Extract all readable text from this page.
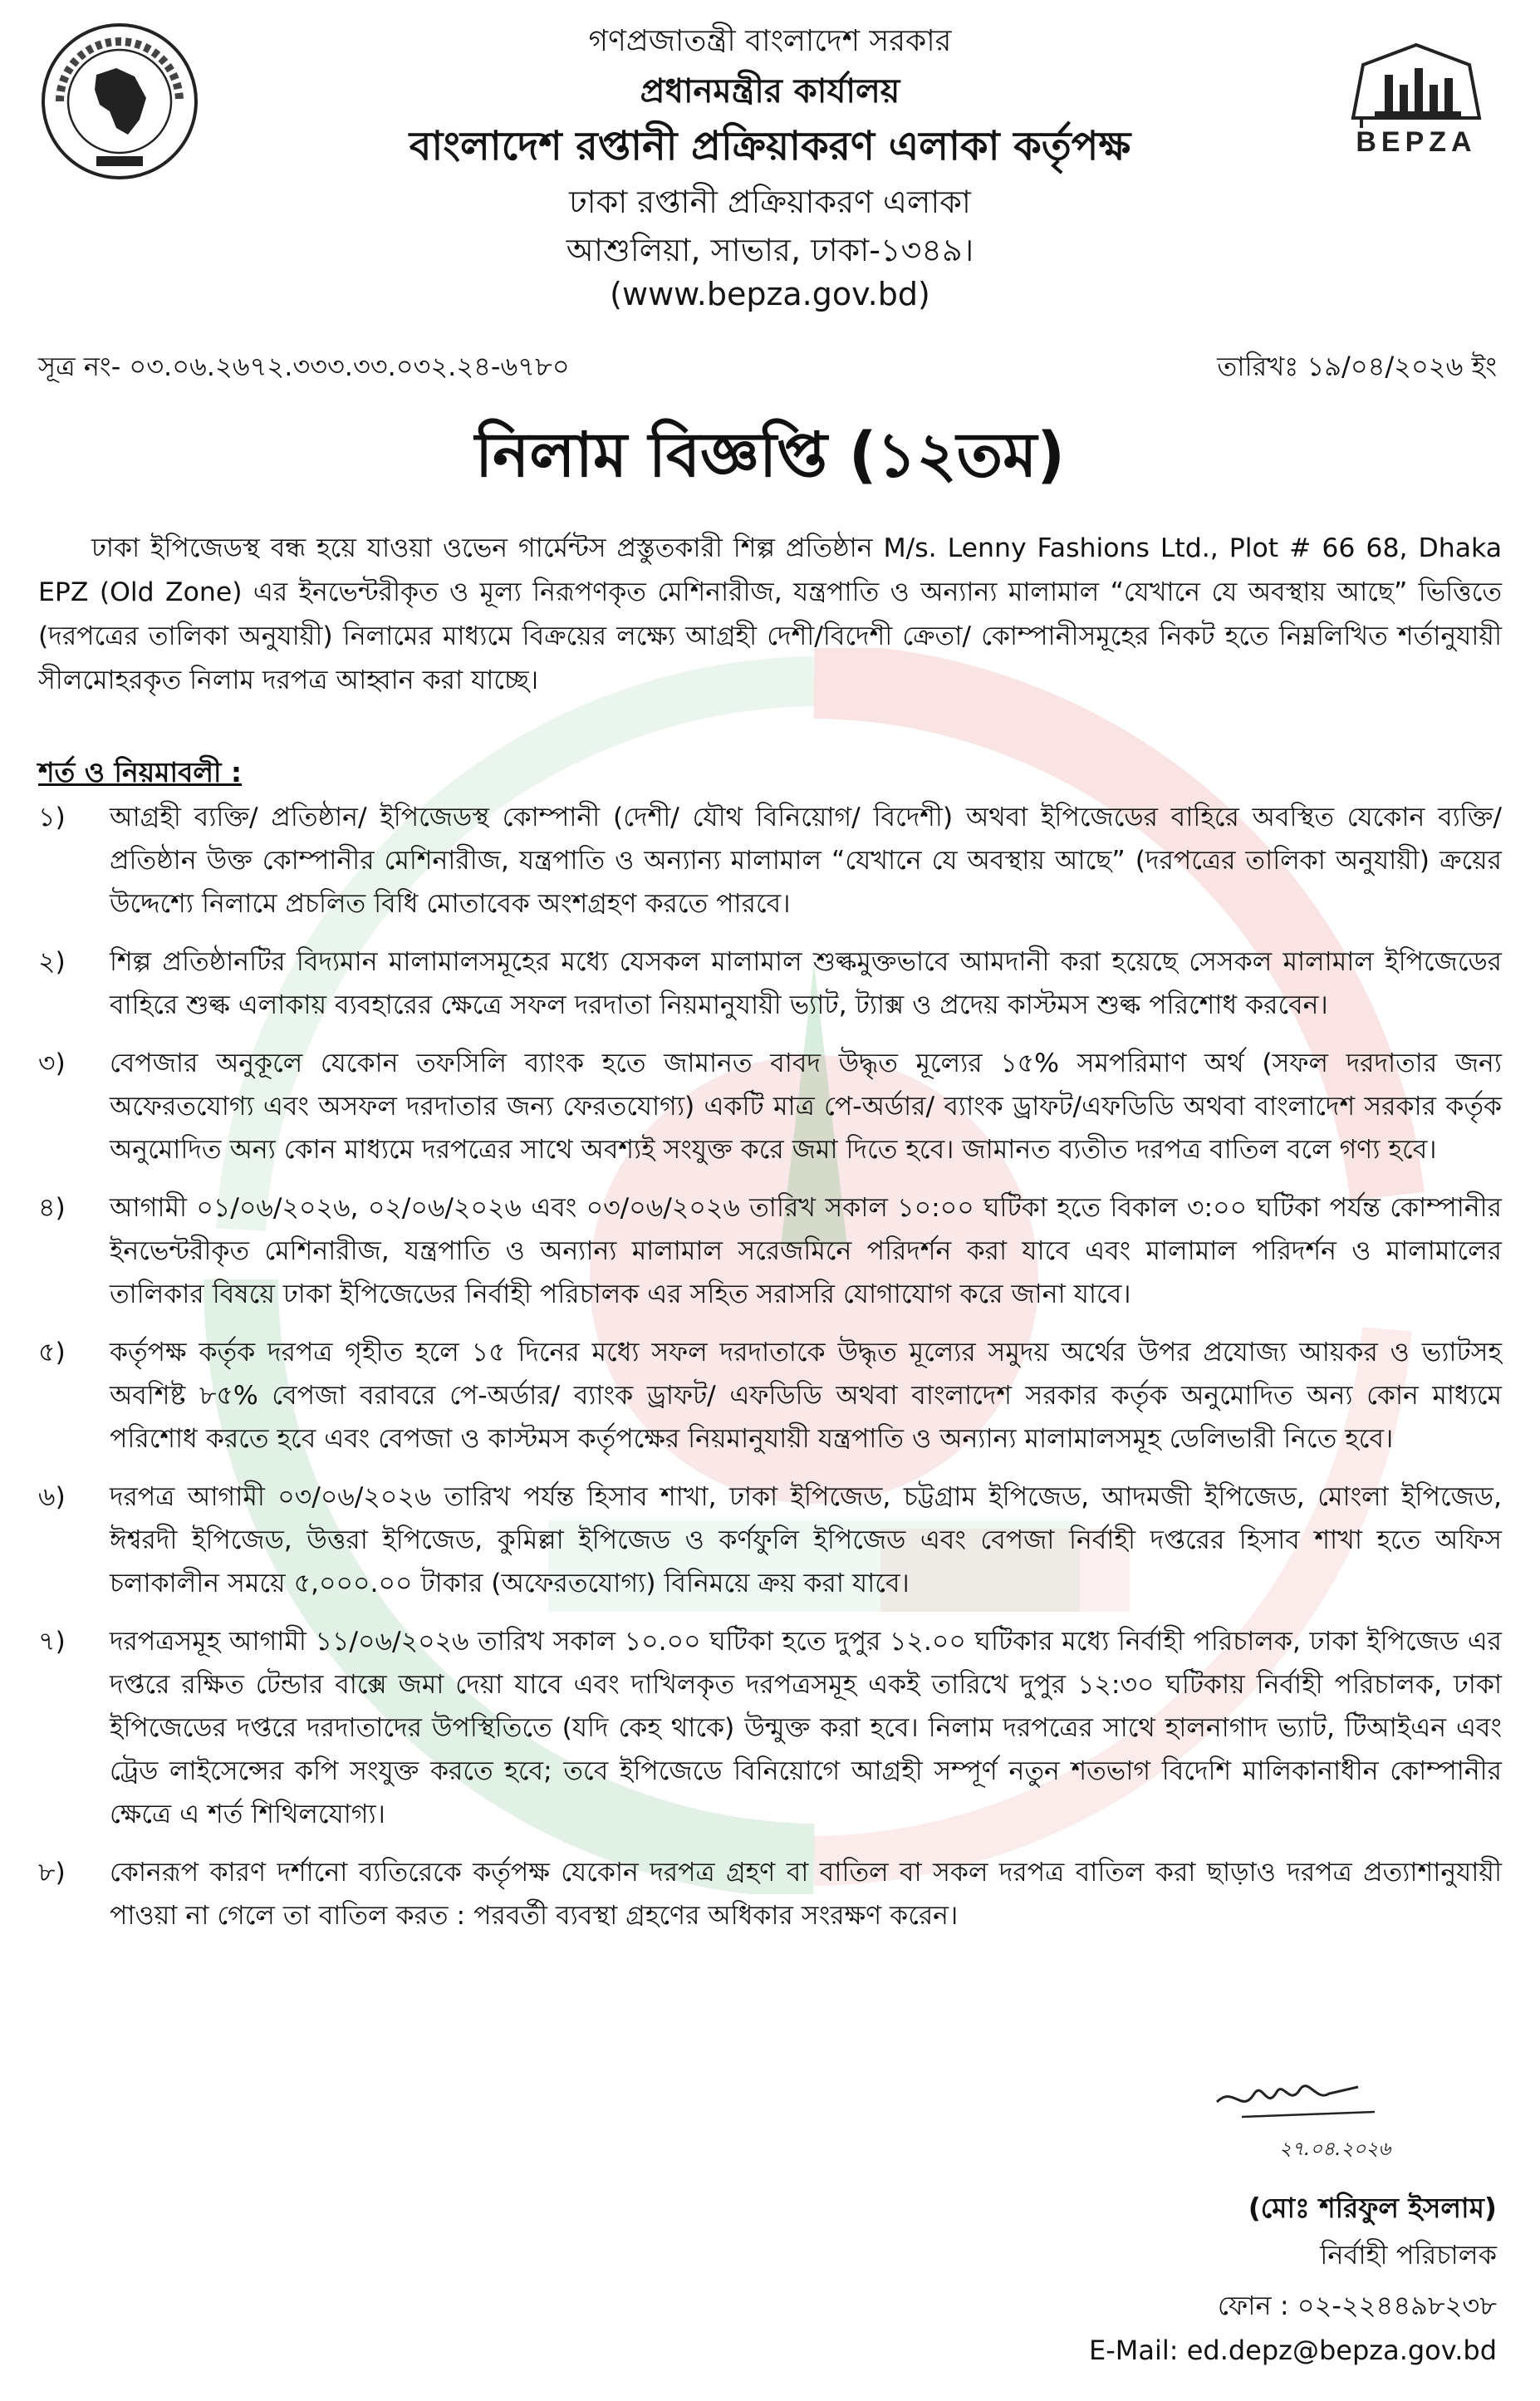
BEPZA
গণপ্রজাতন্ত্রী বাংলাদেশ সরকার
প্রধানমন্ত্রীর কার্যালয়
বাংলাদেশ রপ্তানী প্রক্রিয়াকরণ এলাকা কর্তৃপক্ষ
ঢাকা রপ্তানী প্রক্রিয়াকরণ এলাকা
আশুলিয়া, সাভার, ঢাকা-১৩৪৯।
(www.bepza.gov.bd)
সূত্র নং- ০৩.০৬.২৬৭২.৩৩৩.৩৩.০৩২.২৪-৬৭৮০	তারিখঃ ১৯/০৪/২০২৬ ইং
নিলাম বিজ্ঞপ্তি (১২তম)
ঢাকা ইপিজেডস্থ বন্ধ হয়ে যাওয়া ওভেন গার্মেন্টস প্রস্তুতকারী শিল্প প্রতিষ্ঠান M/s. Lenny Fashions Ltd., Plot # 66 68, Dhaka EPZ (Old Zone) এর ইনভেন্টরীকৃত ও মূল্য নিরূপণকৃত মেশিনারীজ, যন্ত্রপাতি ও অন্যান্য মালামাল “যেখানে যে অবস্থায় আছে” ভিত্তিতে (দরপত্রের তালিকা অনুযায়ী) নিলামের মাধ্যমে বিক্রয়ের লক্ষ্যে আগ্রহী দেশী/বিদেশী ক্রেতা/ কোম্পানীসমূহের নিকট হতে নিম্নলিখিত শর্তানুযায়ী সীলমোহরকৃত নিলাম দরপত্র আহ্বান করা যাচ্ছে।
শর্ত ও নিয়মাবলী :
১)	আগ্রহী ব্যক্তি/ প্রতিষ্ঠান/ ইপিজেডস্থ কোম্পানী (দেশী/ যৌথ বিনিয়োগ/ বিদেশী) অথবা ইপিজেডের বাহিরে অবস্থিত যেকোন ব্যক্তি/ প্রতিষ্ঠান উক্ত কোম্পানীর মেশিনারীজ, যন্ত্রপাতি ও অন্যান্য মালামাল “যেখানে যে অবস্থায় আছে” (দরপত্রের তালিকা অনুযায়ী) ক্রয়ের উদ্দেশ্যে নিলামে প্রচলিত বিধি মোতাবেক অংশগ্রহণ করতে পারবে।
২)	শিল্প প্রতিষ্ঠানটির বিদ্যমান মালামালসমূহের মধ্যে যেসকল মালামাল শুল্কমুক্তভাবে আমদানী করা হয়েছে সেসকল মালামাল ইপিজেডের বাহিরে শুল্ক এলাকায় ব্যবহারের ক্ষেত্রে সফল দরদাতা নিয়মানুযায়ী ভ্যাট, ট্যাক্স ও প্রদেয় কাস্টমস শুল্ক পরিশোধ করবেন।
৩)	বেপজার অনুকূলে যেকোন তফসিলি ব্যাংক হতে জামানত বাবদ উদ্ধৃত মূল্যের ১৫% সমপরিমাণ অর্থ (সফল দরদাতার জন্য অফেরতযোগ্য এবং অসফল দরদাতার জন্য ফেরতযোগ্য) একটি মাত্র পে-অর্ডার/ ব্যাংক ড্রাফট/এফডিডি অথবা বাংলাদেশ সরকার কর্তৃক অনুমোদিত অন্য কোন মাধ্যমে দরপত্রের সাথে অবশ্যই সংযুক্ত করে জমা দিতে হবে। জামানত ব্যতীত দরপত্র বাতিল বলে গণ্য হবে।
৪)	আগামী ০১/০৬/২০২৬, ০২/০৬/২০২৬ এবং ০৩/০৬/২০২৬ তারিখ সকাল ১০:০০ ঘটিকা হতে বিকাল ৩:০০ ঘটিকা পর্যন্ত কোম্পানীর ইনভেন্টরীকৃত মেশিনারীজ, যন্ত্রপাতি ও অন্যান্য মালামাল সরেজমিনে পরিদর্শন করা যাবে এবং মালামাল পরিদর্শন ও মালামালের তালিকার বিষয়ে ঢাকা ইপিজেডের নির্বাহী পরিচালক এর সহিত সরাসরি যোগাযোগ করে জানা যাবে।
৫)	কর্তৃপক্ষ কর্তৃক দরপত্র গৃহীত হলে ১৫ দিনের মধ্যে সফল দরদাতাকে উদ্ধৃত মূল্যের সমুদয় অর্থের উপর প্রযোজ্য আয়কর ও ভ্যাটসহ অবশিষ্ট ৮৫% বেপজা বরাবরে পে-অর্ডার/ ব্যাংক ড্রাফট/ এফডিডি অথবা বাংলাদেশ সরকার কর্তৃক অনুমোদিত অন্য কোন মাধ্যমে পরিশোধ করতে হবে এবং বেপজা ও কাস্টমস কর্তৃপক্ষের নিয়মানুযায়ী যন্ত্রপাতি ও অন্যান্য মালামালসমূহ ডেলিভারী নিতে হবে।
৬)	দরপত্র আগামী ০৩/০৬/২০২৬ তারিখ পর্যন্ত হিসাব শাখা, ঢাকা ইপিজেড, চট্টগ্রাম ইপিজেড, আদমজী ইপিজেড, মোংলা ইপিজেড, ঈশ্বরদী ইপিজেড, উত্তরা ইপিজেড, কুমিল্লা ইপিজেড ও কর্ণফুলি ইপিজেড এবং বেপজা নির্বাহী দপ্তরের হিসাব শাখা হতে অফিস চলাকালীন সময়ে ৫,০০০.০০ টাকার (অফেরতযোগ্য) বিনিময়ে ক্রয় করা যাবে।
৭)	দরপত্রসমূহ আগামী ১১/০৬/২০২৬ তারিখ সকাল ১০.০০ ঘটিকা হতে দুপুর ১২.০০ ঘটিকার মধ্যে নির্বাহী পরিচালক, ঢাকা ইপিজেড এর দপ্তরে রক্ষিত টেন্ডার বাক্সে জমা দেয়া যাবে এবং দাখিলকৃত দরপত্রসমূহ একই তারিখে দুপুর ১২:৩০ ঘটিকায় নির্বাহী পরিচালক, ঢাকা ইপিজেডের দপ্তরে দরদাতাদের উপস্থিতিতে (যদি কেহ থাকে) উন্মুক্ত করা হবে। নিলাম দরপত্রের সাথে হালনাগাদ ভ্যাট, টিআইএন এবং ট্রেড লাইসেন্সের কপি সংযুক্ত করতে হবে; তবে ইপিজেডে বিনিয়োগে আগ্রহী সম্পূর্ণ নতুন শতভাগ বিদেশি মালিকানাধীন কোম্পানীর ক্ষেত্রে এ শর্ত শিথিলযোগ্য।
৮)	কোনরূপ কারণ দর্শানো ব্যতিরেকে কর্তৃপক্ষ যেকোন দরপত্র গ্রহণ বা বাতিল বা সকল দরপত্র বাতিল করা ছাড়াও দরপত্র প্রত্যাশানুযায়ী পাওয়া না গেলে তা বাতিল করত : পরবর্তী ব্যবস্থা গ্রহণের অধিকার সংরক্ষণ করেন।
২৭.০৪.২০২৬
(মোঃ শরিফুল ইসলাম)
নির্বাহী পরিচালক
ফোন : ০২-২২৪৪৯৮২৩৮
E-Mail: ed.depz@bepza.gov.bd
